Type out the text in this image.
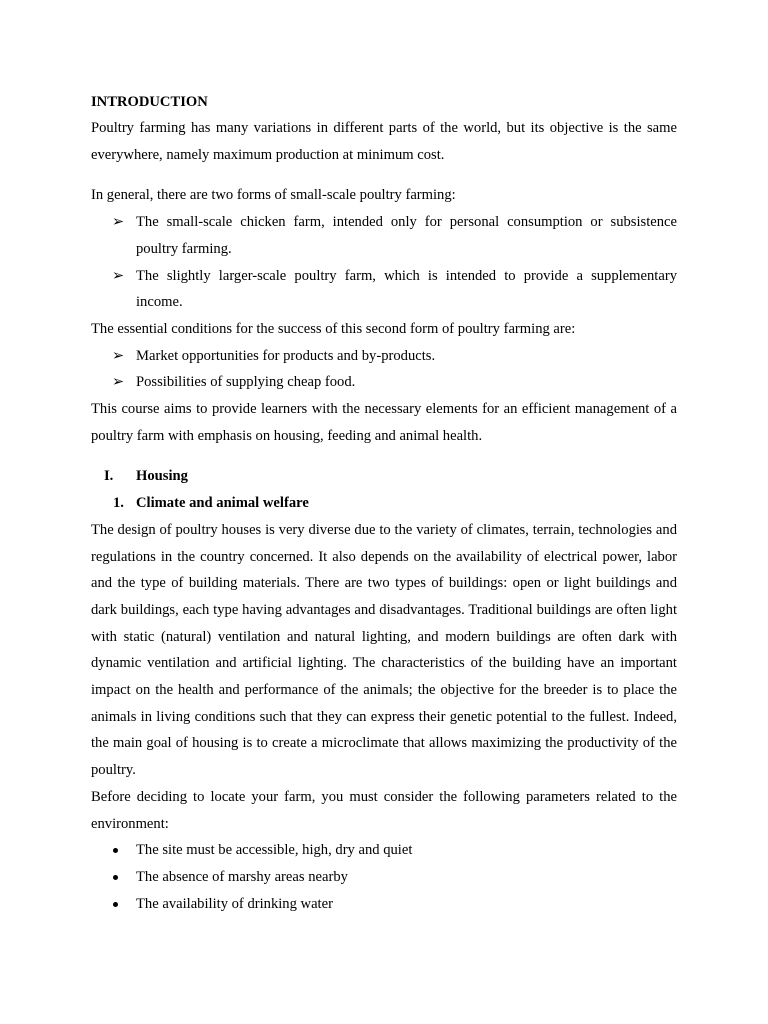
INTRODUCTION

Poultry farming has many variations in different parts of the world, but its objective is the same everywhere, namely maximum production at minimum cost.

In general, there are two forms of small-scale poultry farming:

➢ The small-scale chicken farm, intended only for personal consumption or subsistence poultry farming.
➢ The slightly larger-scale poultry farm, which is intended to provide a supplementary income.

The essential conditions for the success of this second form of poultry farming are:

➢ Market opportunities for products and by-products.
➢ Possibilities of supplying cheap food.

This course aims to provide learners with the necessary elements for an efficient management of a poultry farm with emphasis on housing, feeding and animal health.

I. Housing
1. Climate and animal welfare

The design of poultry houses is very diverse due to the variety of climates, terrain, technologies and regulations in the country concerned. It also depends on the availability of electrical power, labor and the type of building materials. There are two types of buildings: open or light buildings and dark buildings, each type having advantages and disadvantages. Traditional buildings are often light with static (natural) ventilation and natural lighting, and modern buildings are often dark with dynamic ventilation and artificial lighting. The characteristics of the building have an important impact on the health and performance of the animals; the objective for the breeder is to place the animals in living conditions such that they can express their genetic potential to the fullest. Indeed, the main goal of housing is to create a microclimate that allows maximizing the productivity of the poultry.

Before deciding to locate your farm, you must consider the following parameters related to the environment:

The site must be accessible, high, dry and quiet
The absence of marshy areas nearby
The availability of drinking water
